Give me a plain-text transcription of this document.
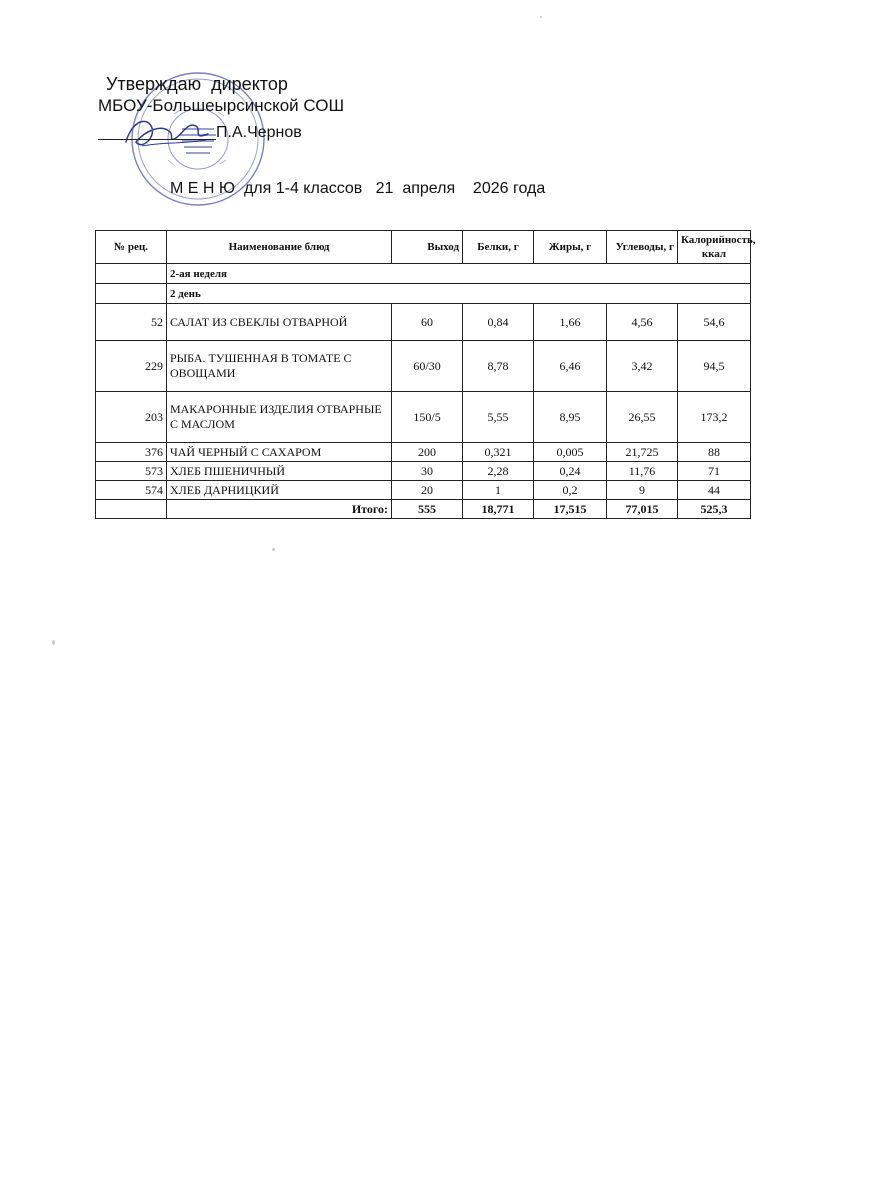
Утверждаю  директор
МБОУ-Большеырсинской СОШ
П.А.Чернов
М Е Н Ю  для 1-4 классов   21  апреля    2026 года
№ рец.	Наименование блюд	Выход	Белки, г	Жиры, г	Углеводы, г	Калорийность, ккал
	2-ая неделя					
	2 день					
52	САЛАТ ИЗ СВЕКЛЫ ОТВАРНОЙ	60	0,84	1,66	4,56	54,6
229	РЫБА. ТУШЕННАЯ В ТОМАТЕ С ОВОЩАМИ	60/30	8,78	6,46	3,42	94,5
203	МАКАРОННЫЕ ИЗДЕЛИЯ ОТВАРНЫЕ С МАСЛОМ	150/5	5,55	8,95	26,55	173,2
376	ЧАЙ ЧЕРНЫЙ С САХАРОМ	200	0,321	0,005	21,725	88
573	ХЛЕБ ПШЕНИЧНЫЙ	30	2,28	0,24	11,76	71
574	ХЛЕБ ДАРНИЦКИЙ	20	1	0,2	9	44
	Итого:	555	18,771	17,515	77,015	525,3
